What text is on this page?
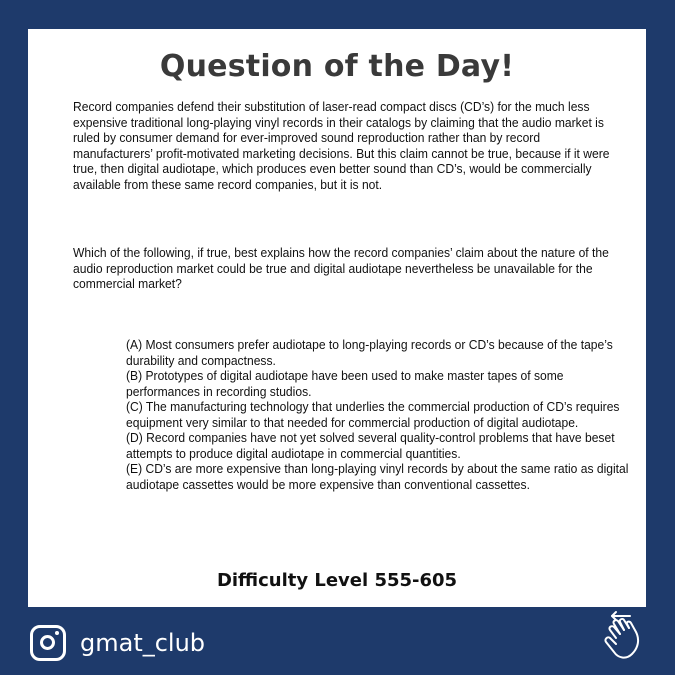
Question of the Day!
Record companies defend their substitution of laser-read compact discs (CD’s) for the much less expensive traditional long-playing vinyl records in their catalogs by claiming that the audio market is ruled by consumer demand for ever-improved sound reproduction rather than by record manufacturers’ profit-motivated marketing decisions. But this claim cannot be true, because if it were true, then digital audiotape, which produces even better sound than CD’s, would be commercially available from these same record companies, but it is not.
Which of the following, if true, best explains how the record companies’ claim about the nature of the audio reproduction market could be true and digital audiotape nevertheless be unavailable for the commercial market?
(A) Most consumers prefer audiotape to long-playing records or CD’s because of the tape’s durability and compactness.
(B) Prototypes of digital audiotape have been used to make master tapes of some performances in recording studios.
(C) The manufacturing technology that underlies the commercial production of CD’s requires equipment very similar to that needed for commercial production of digital audiotape.
(D) Record companies have not yet solved several quality-control problems that have beset attempts to produce digital audiotape in commercial quantities.
(E) CD’s are more expensive than long-playing vinyl records by about the same ratio as digital audiotape cassettes would be more expensive than conventional cassettes.
Difficulty Level 555-605
gmat_club
